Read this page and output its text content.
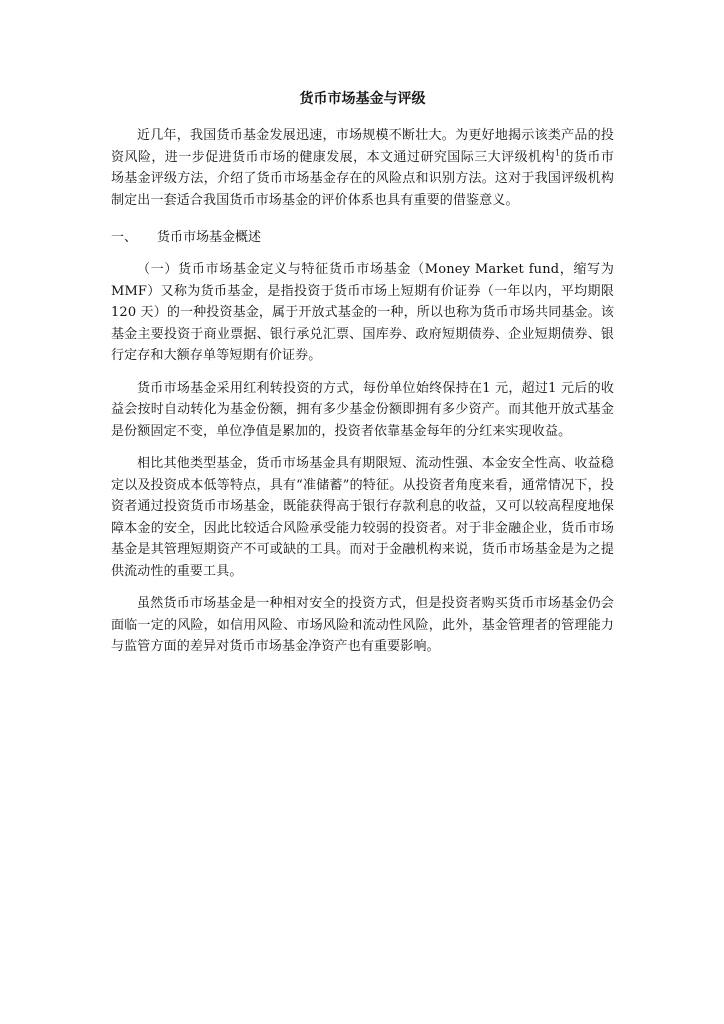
货币市场基金与评级

近几年，我国货币基金发展迅速，市场规模不断壮大。为更好地揭示该类产品的投资风险，进一步促进货币市场的健康发展，本文通过研究国际三大评级机构$^1$的货币市场基金评级方法，介绍了货币市场基金存在的风险点和识别方法。这对于我国评级机构制定出一套适合我国货币市场基金的评价体系也具有重要的借鉴意义。

一、 货币市场基金概述

（一）货币市场基金定义与特征货币市场基金（Money Market fund，缩写为MMF）又称为货币基金，是指投资于货币市场上短期有价证券（一年以内，平均期限120 天）的一种投资基金，属于开放式基金的一种，所以也称为货币市场共同基金。该基金主要投资于商业票据、银行承兑汇票、国库券、政府短期债券、企业短期债券、银行定存和大额存单等短期有价证券。

货币市场基金采用红利转投资的方式，每份单位始终保持在1 元，超过1 元后的收益会按时自动转化为基金份额，拥有多少基金份额即拥有多少资产。而其他开放式基金是份额固定不变，单位净值是累加的，投资者依靠基金每年的分红来实现收益。

相比其他类型基金，货币市场基金具有期限短、流动性强、本金安全性高、收益稳定以及投资成本低等特点，具有“准储蓄”的特征。从投资者角度来看，通常情况下，投资者通过投资货币市场基金，既能获得高于银行存款利息的收益，又可以较高程度地保障本金的安全，因此比较适合风险承受能力较弱的投资者。对于非金融企业，货币市场基金是其管理短期资产不可或缺的工具。而对于金融机构来说，货币市场基金是为之提供流动性的重要工具。

虽然货币市场基金是一种相对安全的投资方式，但是投资者购买货币市场基金仍会面临一定的风险，如信用风险、市场风险和流动性风险，此外，基金管理者的管理能力与监管方面的差异对货币市场基金净资产也有重要影响。
